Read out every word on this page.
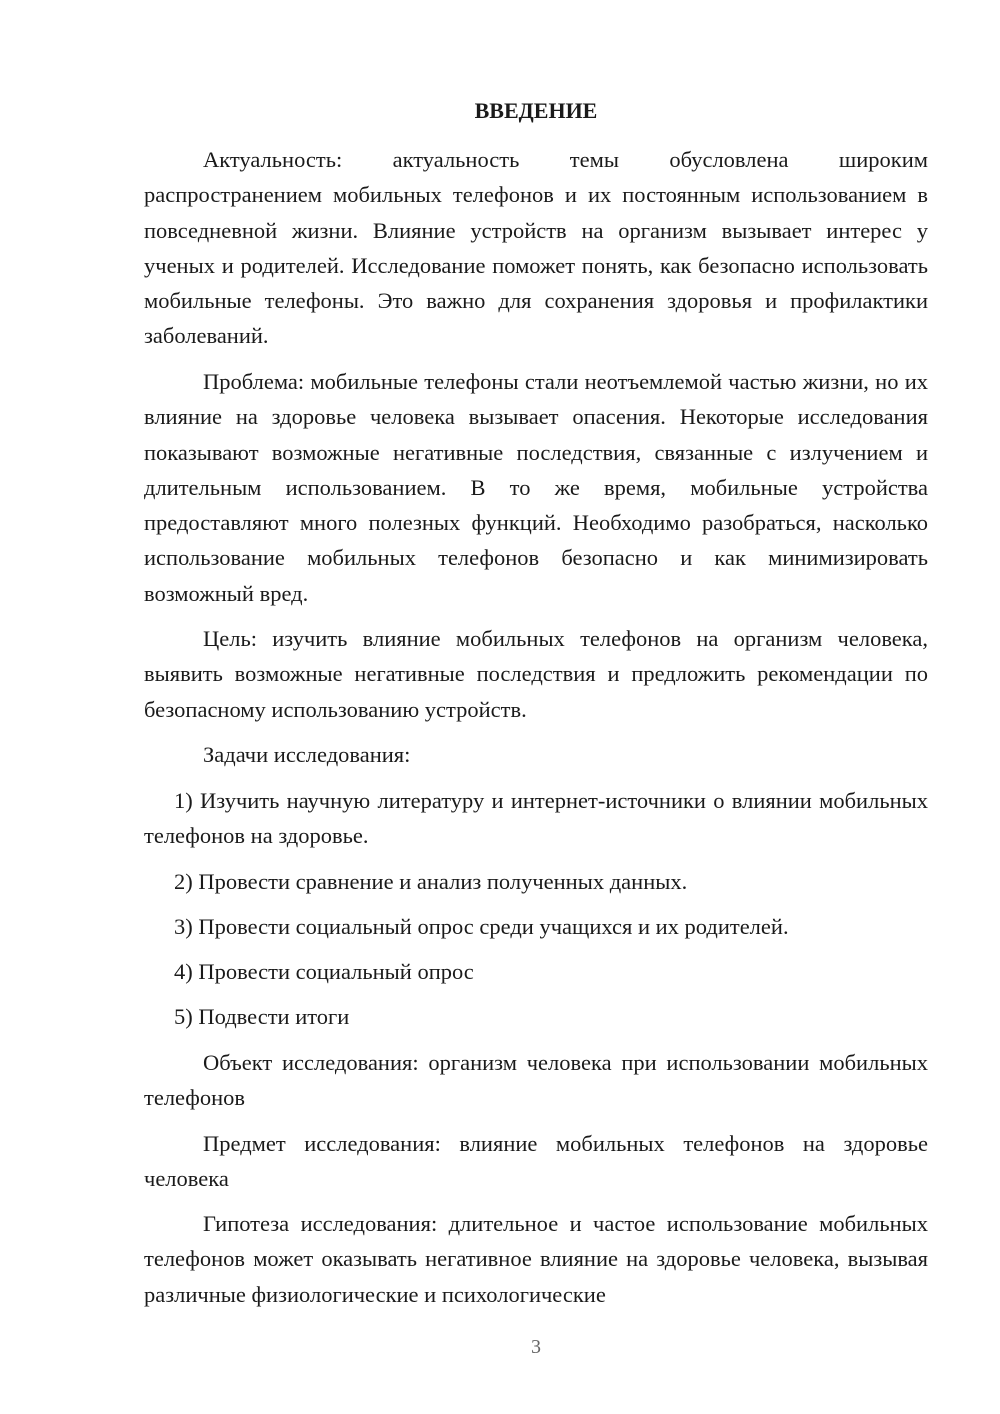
ВВЕДЕНИЕ

Актуальность: актуальность темы обусловлена широким распространением мобильных телефонов и их постоянным использованием в повседневной жизни. Влияние устройств на организм вызывает интерес у ученых и родителей. Исследование поможет понять, как безопасно использовать мобильные телефоны. Это важно для сохранения здоровья и профилактики заболеваний.

Проблема: мобильные телефоны стали неотъемлемой частью жизни, но их влияние на здоровье человека вызывает опасения. Некоторые исследования показывают возможные негативные последствия, связанные с излучением и длительным использованием. В то же время, мобильные устройства предоставляют много полезных функций. Необходимо разобраться, насколько использование мобильных телефонов безопасно и как минимизировать возможный вред.

Цель: изучить влияние мобильных телефонов на организм человека, выявить возможные негативные последствия и предложить рекомендации по безопасному использованию устройств.

Задачи исследования:

1) Изучить научную литературу и интернет-источники о влиянии мобильных телефонов на здоровье.

2) Провести сравнение и анализ полученных данных.

3) Провести социальный опрос среди учащихся и их родителей.

4) Провести социальный опрос

5) Подвести итоги

Объект исследования: организм человека при использовании мобильных телефонов

Предмет исследования: влияние мобильных телефонов на здоровье человека

Гипотеза исследования: длительное и частое использование мобильных телефонов может оказывать негативное влияние на здоровье человека, вызывая различные физиологические и психологические

3
